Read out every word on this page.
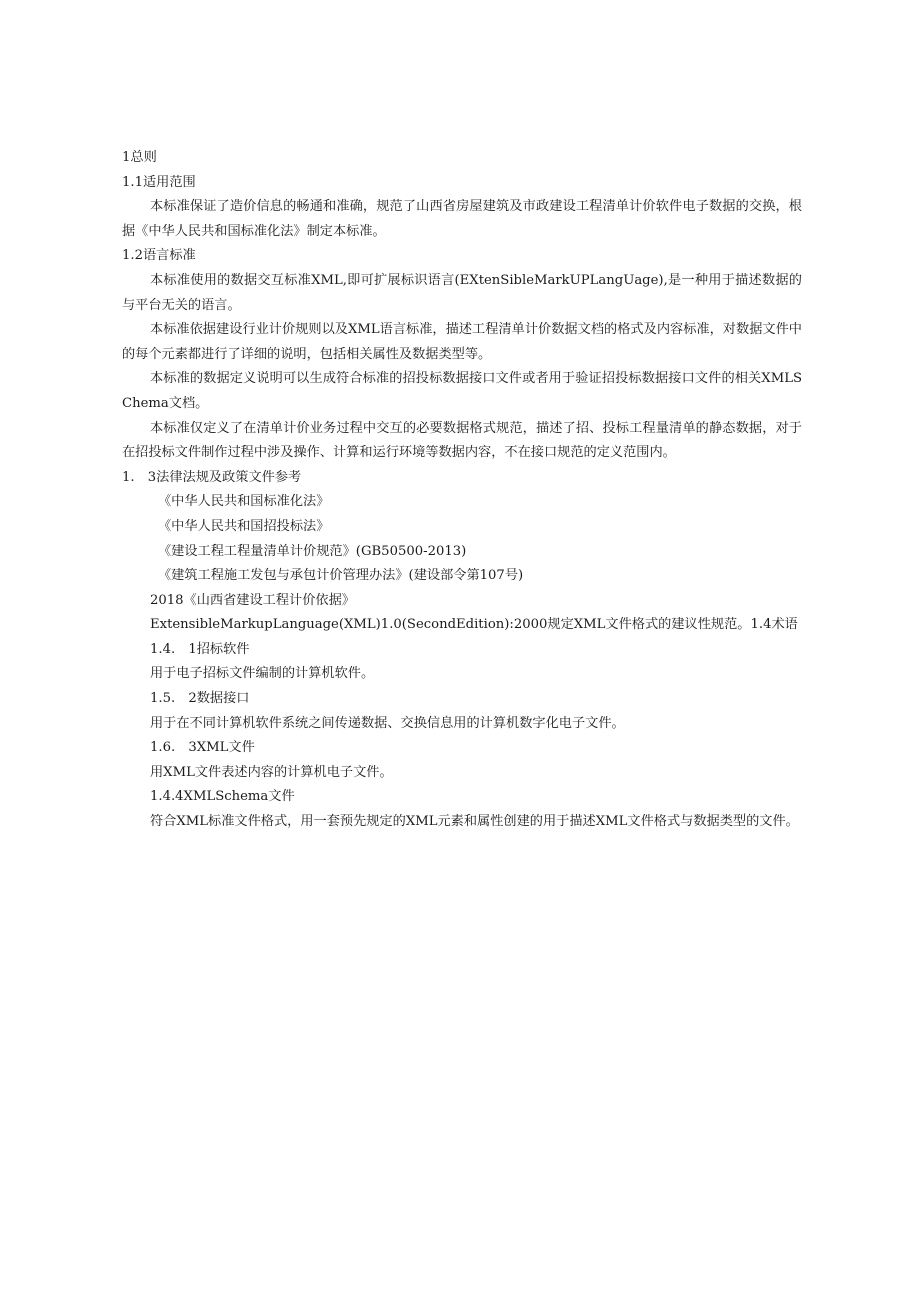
1总则

1.1适用范围

本标准保证了造价信息的畅通和准确，规范了山西省房屋建筑及市政建设工程清单计价软件电子数据的交换，根据《中华人民共和国标准化法》制定本标准。

1.2语言标准

本标准使用的数据交互标准XML,即可扩展标识语言(EXtenSibleMarkUPLangUage),是一种用于描述数据的与平台无关的语言。

本标准依据建设行业计价规则以及XML语言标准，描述工程清单计价数据文档的格式及内容标准，对数据文件中的每个元素都进行了详细的说明，包括相关属性及数据类型等。

本标准的数据定义说明可以生成符合标准的招投标数据接口文件或者用于验证招投标数据接口文件的相关XMLSChema文档。

本标准仅定义了在清单计价业务过程中交互的必要数据格式规范，描述了招、投标工程量清单的静态数据，对于在招投标文件制作过程中涉及操作、计算和运行环境等数据内容，不在接口规范的定义范围内。

1.　3法律法规及政策文件参考

《中华人民共和国标准化法》

《中华人民共和国招投标法》

《建设工程工程量清单计价规范》(GB50500-2013)

《建筑工程施工发包与承包计价管理办法》(建设部令第107号)

2018《山西省建设工程计价依据》

ExtensibleMarkupLanguage(XML)1.0(SecondEdition):2000规定XML文件格式的建议性规范。1.4术语

1.4.　1招标软件

用于电子招标文件编制的计算机软件。

1.5.　2数据接口

用于在不同计算机软件系统之间传递数据、交换信息用的计算机数字化电子文件。

1.6.　3XML文件

用XML文件表述内容的计算机电子文件。

1.4.4XMLSchema文件

符合XML标准文件格式，用一套预先规定的XML元素和属性创建的用于描述XML文件格式与数据类型的文件。
